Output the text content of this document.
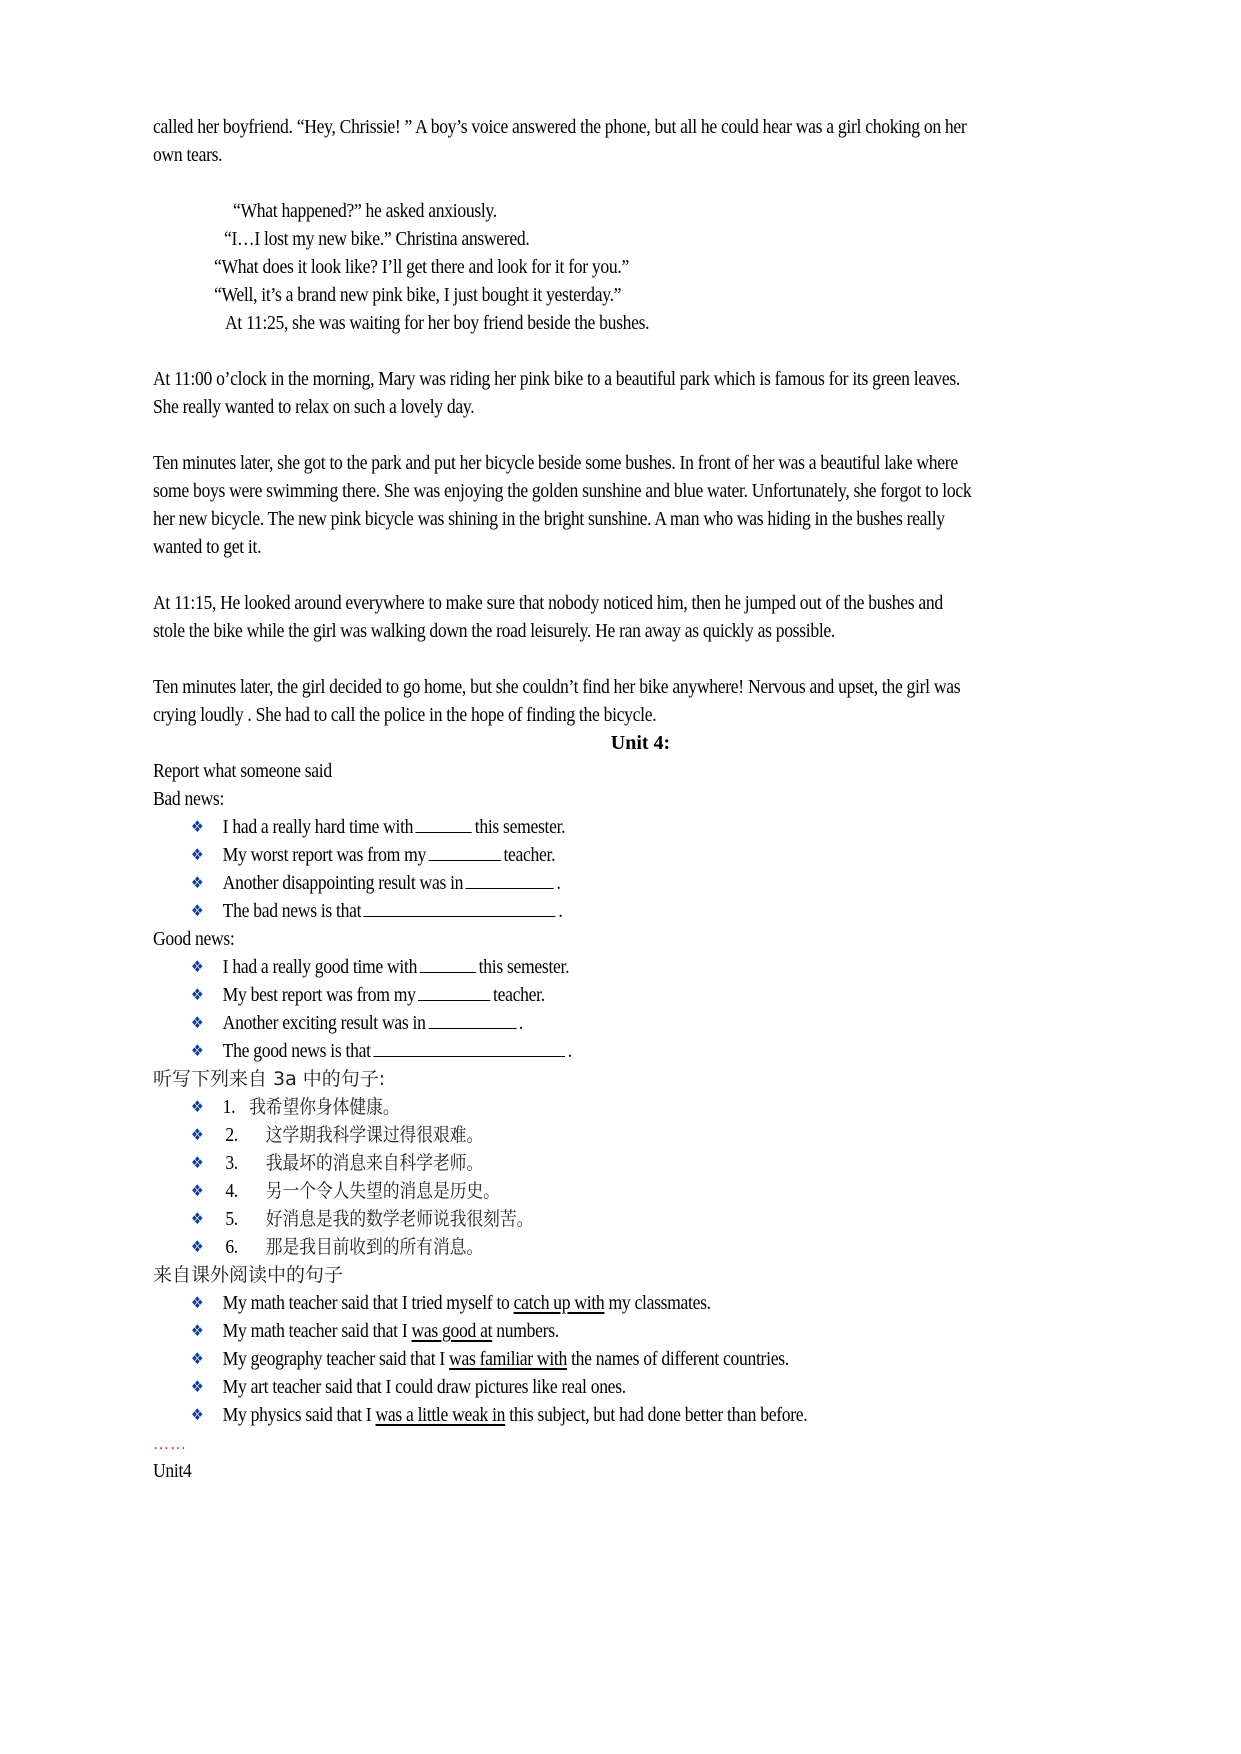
called her boyfriend. “Hey, Chrissie! ” A boy’s voice answered the phone, but all he could hear was a girl choking on her
own tears.
“What happened?” he asked anxiously.
“I…I lost my new bike.” Christina answered.
“What does it look like? I’ll get there and look for it for you.”
“Well, it’s a brand new pink bike, I just bought it yesterday.”
At 11:25, she was waiting for her boy friend beside the bushes.
At 11:00 o’clock in the morning, Mary was riding her pink bike to a beautiful park which is famous for its green leaves.
She really wanted to relax on such a lovely day.
Ten minutes later, she got to the park and put her bicycle beside some bushes. In front of her was a beautiful lake where
some boys were swimming there. She was enjoying the golden sunshine and blue water. Unfortunately, she forgot to lock
her new bicycle. The new pink bicycle was shining in the bright sunshine. A man who was hiding in the bushes really
wanted to get it.
At 11:15, He looked around everywhere to make sure that nobody noticed him, then he jumped out of the bushes and
stole the bike while the girl was walking down the road leisurely. He ran away as quickly as possible.
Ten minutes later, the girl decided to go home, but she couldn’t find her bike anywhere! Nervous and upset, the girl was
crying loudly . She had to call the police in the hope of finding the bicycle.
Unit 4:
Report what someone said
Bad news:
❖ I had a really hard time with	this semester.
❖ My worst report was from my	teacher.
❖ Another disappointing result was in	.
❖ The bad news is that	.
Good news:
❖ I had a really good time with	this semester.
❖ My best report was from my	teacher.
❖ Another exciting result was in	.
❖ The good news is that	.
听写下列来自 3a 中的句子:
❖ 1. 我希望你身体健康。
❖ 2. 这学期我科学课过得很艰难。
❖ 3. 我最坏的消息来自科学老师。
❖ 4. 另一个令人失望的消息是历史。
❖ 5. 好消息是我的数学老师说我很刻苦。
❖ 6. 那是我目前收到的所有消息。
来自课外阅读中的句子
❖ My math teacher said that I tried myself to catch up with my classmates.
❖ My math teacher said that I was good at numbers.
❖ My geography teacher said that I was familiar with the names of different countries.
❖ My art teacher said that I could draw pictures like real ones.
❖ My physics said that I was a little weak in this subject, but had done better than before.
……
Unit4
